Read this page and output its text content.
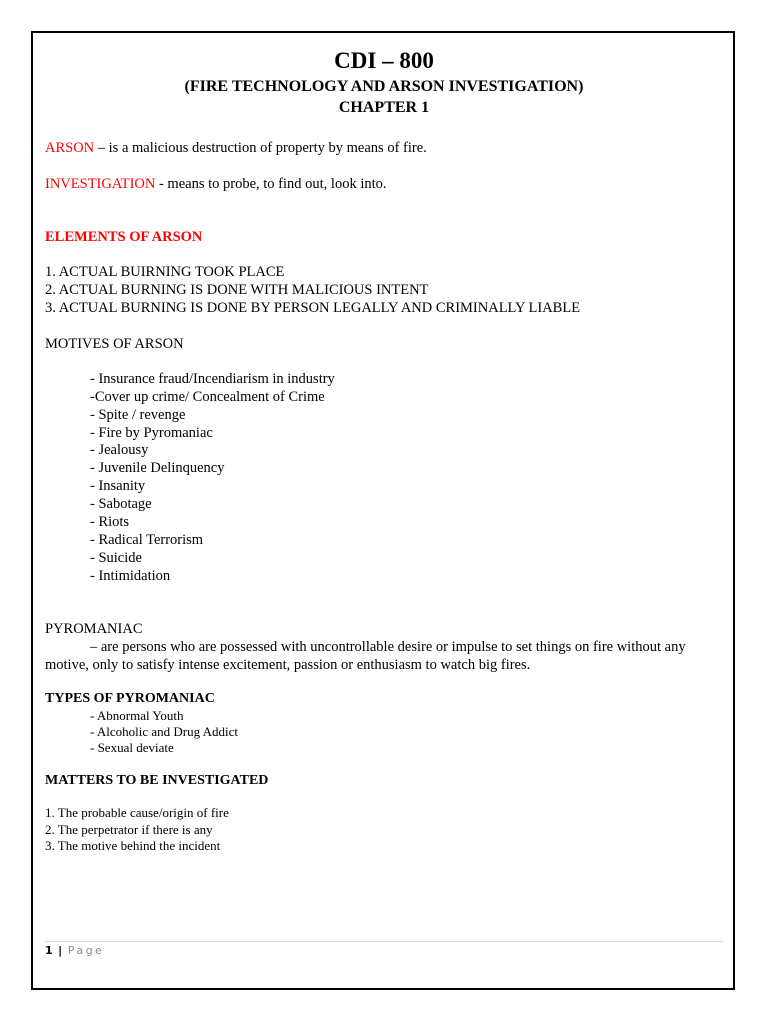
CDI – 800
(FIRE TECHNOLOGY AND ARSON INVESTIGATION)
CHAPTER 1
ARSON – is a malicious destruction of property by means of fire.
INVESTIGATION - means to probe, to find out, look into.
ELEMENTS OF ARSON
1. ACTUAL BUIRNING TOOK PLACE
2. ACTUAL BURNING IS DONE WITH MALICIOUS INTENT
3. ACTUAL BURNING IS DONE BY PERSON LEGALLY AND CRIMINALLY LIABLE
MOTIVES OF ARSON
- Insurance fraud/Incendiarism in industry
-Cover up crime/ Concealment of Crime
- Spite / revenge
- Fire by Pyromaniac
- Jealousy
- Juvenile Delinquency
- Insanity
- Sabotage
- Riots
- Radical Terrorism
- Suicide
- Intimidation
PYROMANIAC
– are persons who are possessed with uncontrollable desire or impulse to set things on fire without any motive, only to satisfy intense excitement, passion or enthusiasm to watch big fires.
TYPES OF PYROMANIAC
- Abnormal Youth
- Alcoholic and Drug Addict
- Sexual deviate
MATTERS TO BE INVESTIGATED
1. The probable cause/origin of fire
2. The perpetrator if there is any
3. The motive behind the incident
1 | Page
